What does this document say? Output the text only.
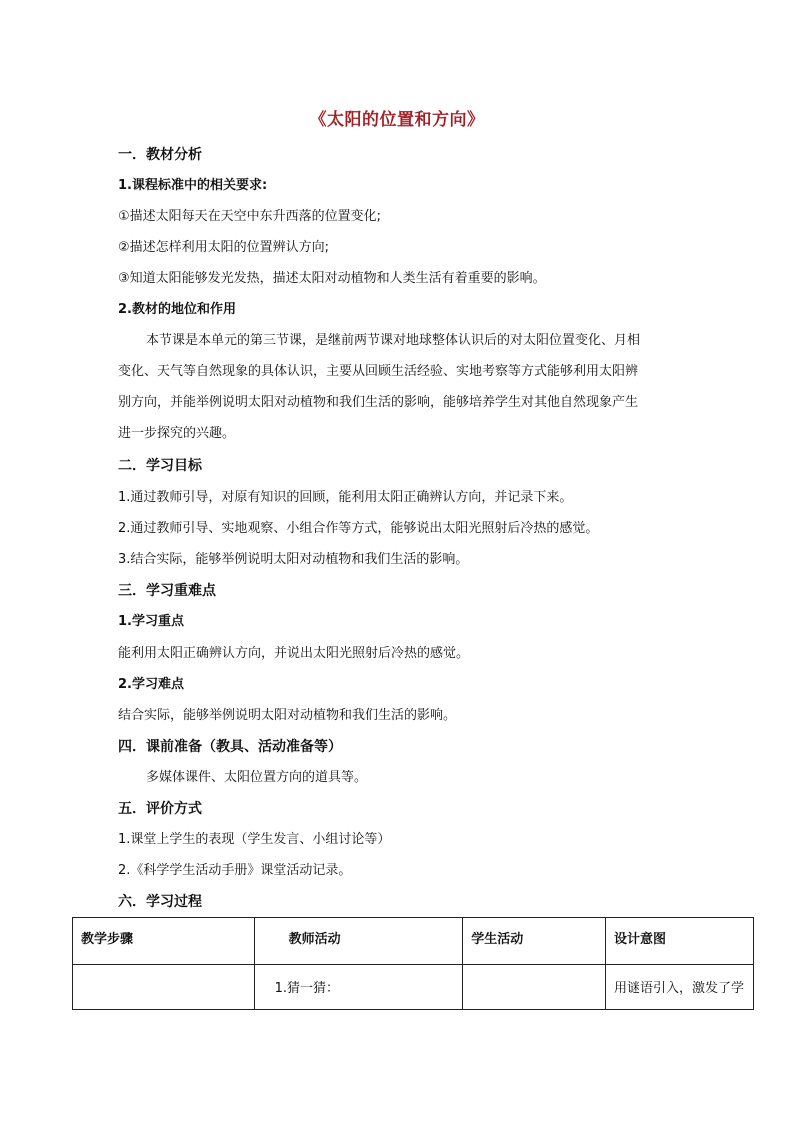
《太阳的位置和方向》
一．教材分析
1.课程标准中的相关要求:
①描述太阳每天在天空中东升西落的位置变化;
②描述怎样利用太阳的位置辨认方向;
③知道太阳能够发光发热，描述太阳对动植物和人类生活有着重要的影响。
2.教材的地位和作用
本节课是本单元的第三节课，是继前两节课对地球整体认识后的对太阳位置变化、月相
变化、天气等自然现象的具体认识，主要从回顾生活经验、实地考察等方式能够利用太阳辨
别方向，并能举例说明太阳对动植物和我们生活的影响，能够培养学生对其他自然现象产生
进一步探究的兴趣。
二．学习目标
1.通过教师引导，对原有知识的回顾，能利用太阳正确辨认方向，并记录下来。
2.通过教师引导、实地观察、小组合作等方式，能够说出太阳光照射后冷热的感觉。
3.结合实际，能够举例说明太阳对动植物和我们生活的影响。
三．学习重难点
1.学习重点
能利用太阳正确辨认方向，并说出太阳光照射后冷热的感觉。
2.学习难点
结合实际，能够举例说明太阳对动植物和我们生活的影响。
四．课前准备（教具、活动准备等）
多媒体课件、太阳位置方向的道具等。
五．评价方式
1.课堂上学生的表现（学生发言、小组讨论等）
2.《科学学生活动手册》课堂活动记录。
六．学习过程
教学步骤	教师活动	学生活动	设计意图
	1.猜一猜：		用谜语引入，激发了学
